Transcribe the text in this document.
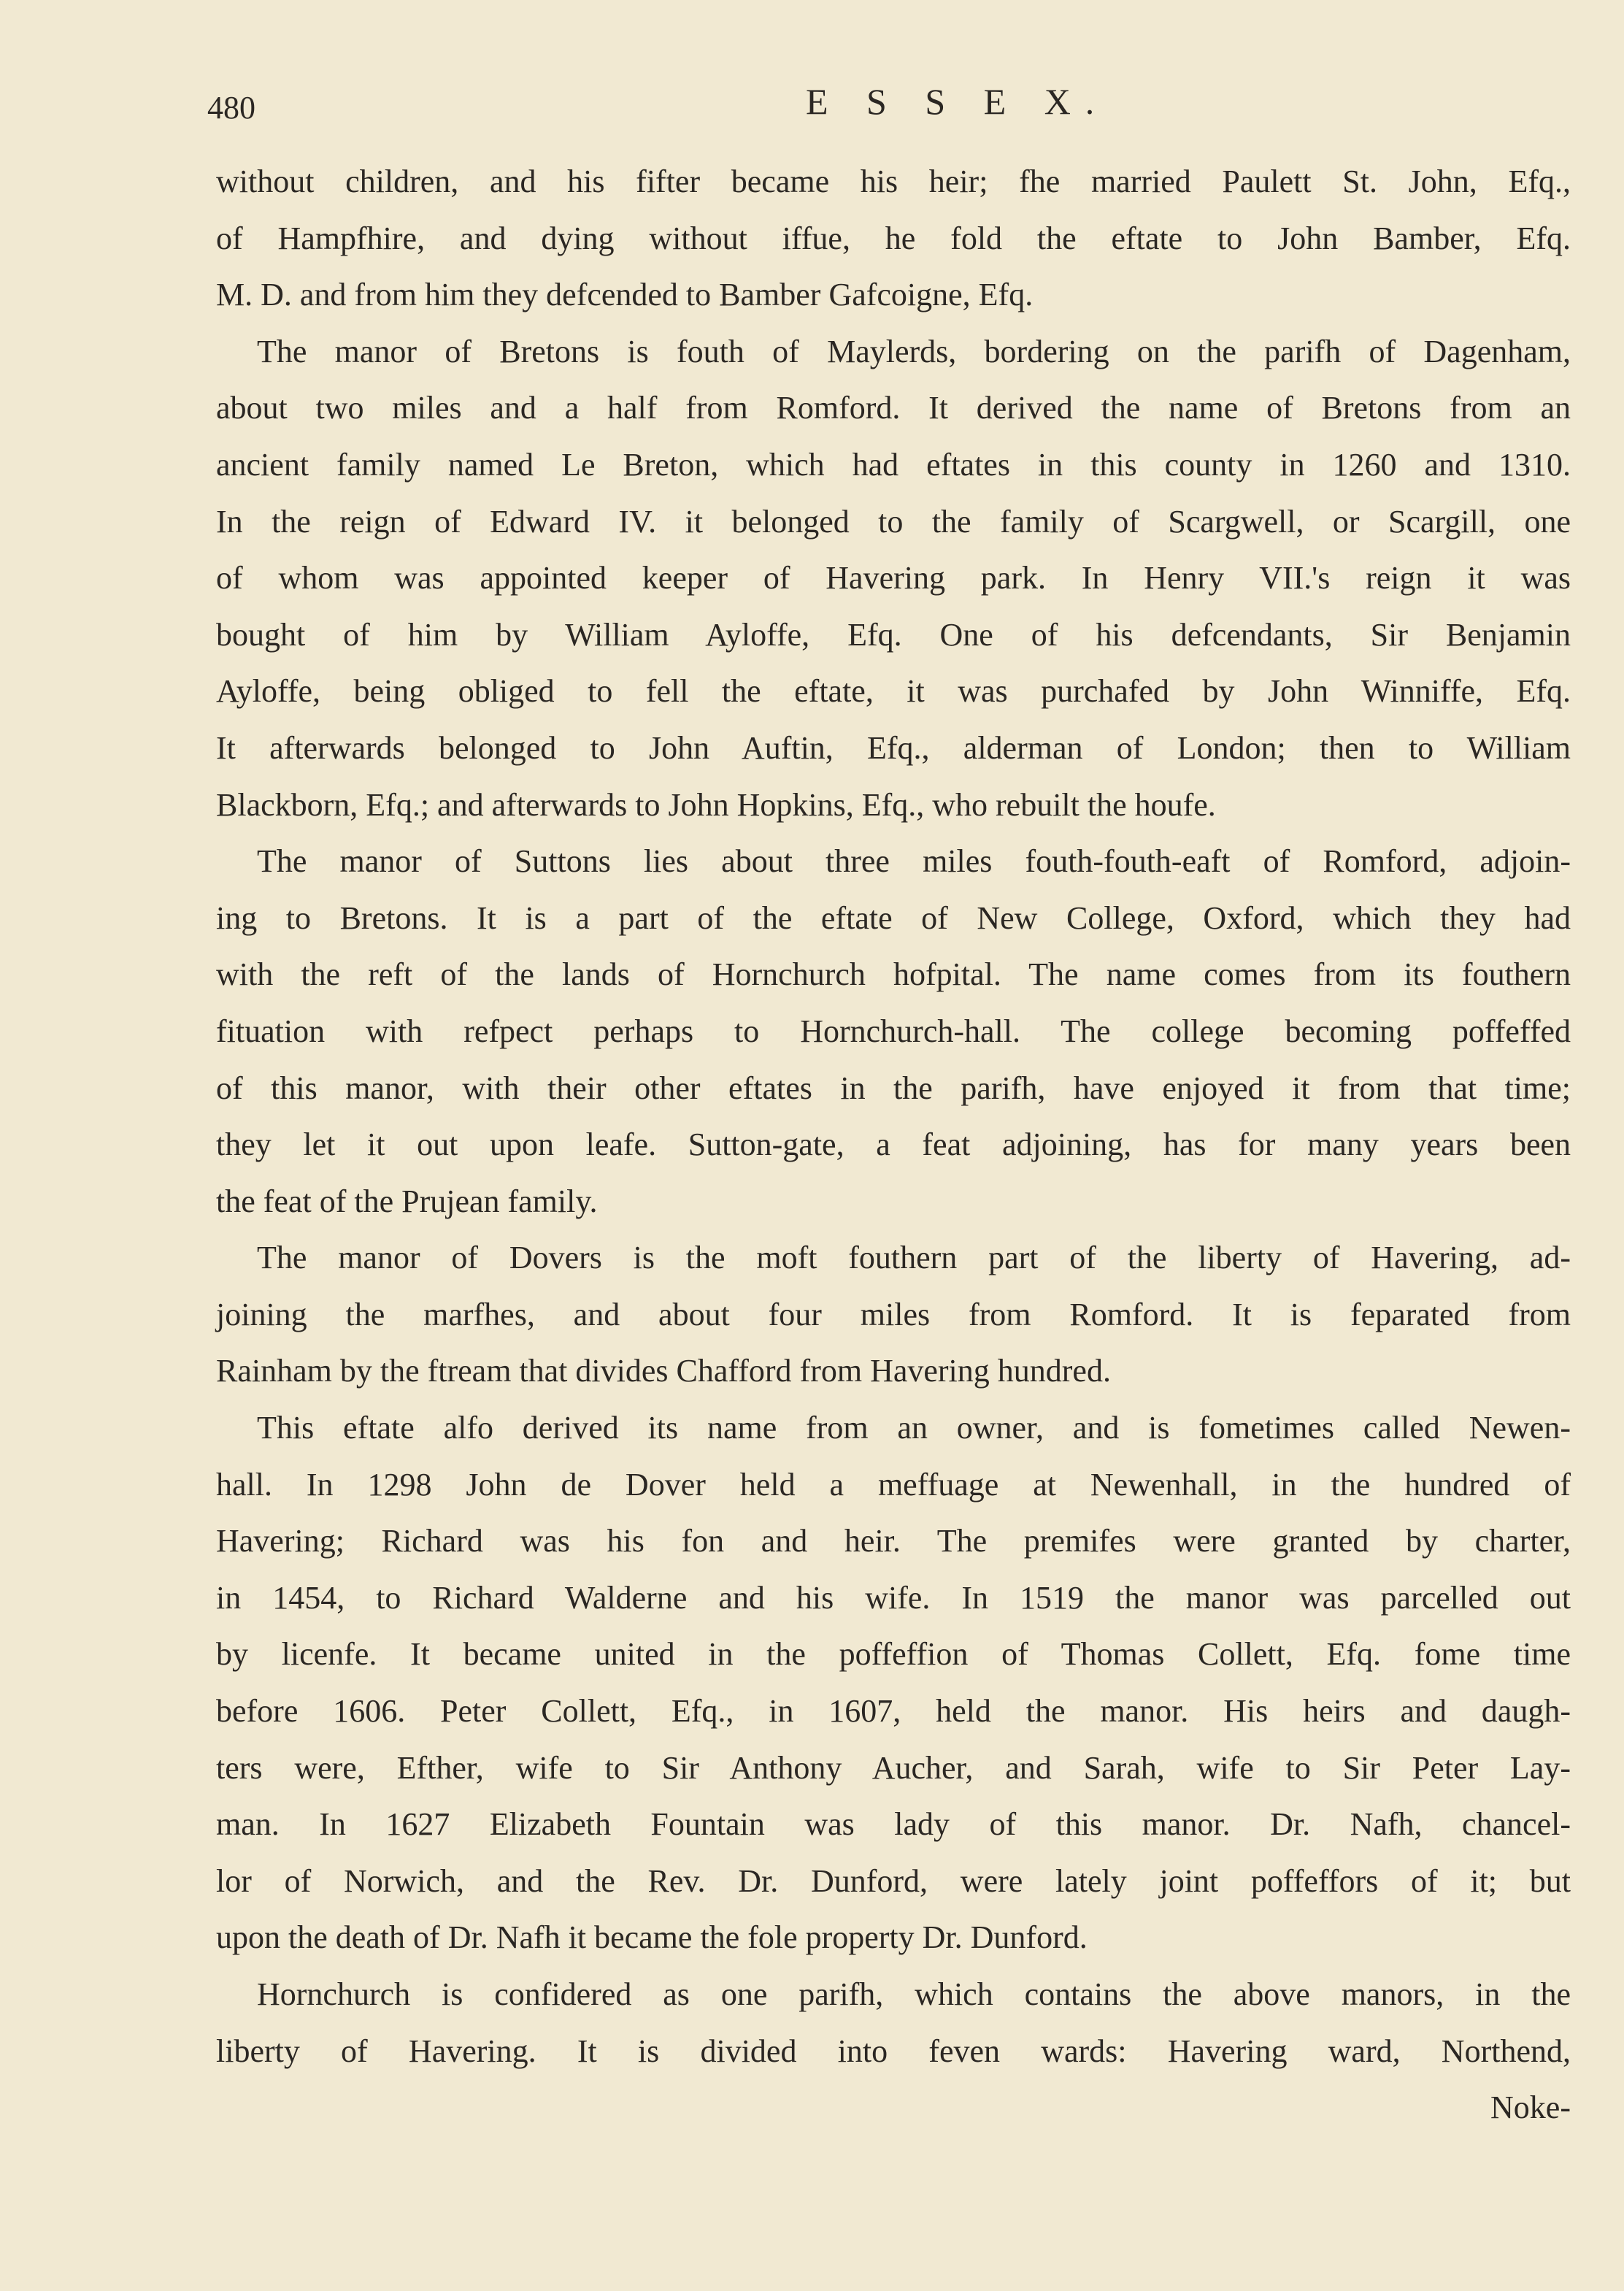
480	E S S E X.
without children, and his fifter became his heir; fhe married Paulett St. John, Efq.,
of Hampfhire, and dying without iffue, he fold the eftate to John Bamber, Efq.
M. D. and from him they defcended to Bamber Gafcoigne, Efq.
The manor of Bretons is fouth of Maylerds, bordering on the parifh of Dagenham,
about two miles and a half from Romford. It derived the name of Bretons from an
ancient family named Le Breton, which had eftates in this county in 1260 and 1310.
In the reign of Edward IV. it belonged to the family of Scargwell, or Scargill, one
of whom was appointed keeper of Havering park. In Henry VII.'s reign it was
bought of him by William Ayloffe, Efq. One of his defcendants, Sir Benjamin
Ayloffe, being obliged to fell the eftate, it was purchafed by John Winniffe, Efq.
It afterwards belonged to John Auftin, Efq., alderman of London; then to William
Blackborn, Efq.; and afterwards to John Hopkins, Efq., who rebuilt the houfe.
The manor of Suttons lies about three miles fouth-fouth-eaft of Romford, adjoin-
ing to Bretons. It is a part of the eftate of New College, Oxford, which they had
with the reft of the lands of Hornchurch hofpital. The name comes from its fouthern
fituation with refpect perhaps to Hornchurch-hall. The college becoming poffeffed
of this manor, with their other eftates in the parifh, have enjoyed it from that time;
they let it out upon leafe. Sutton-gate, a feat adjoining, has for many years been
the feat of the Prujean family.
The manor of Dovers is the moft fouthern part of the liberty of Havering, ad-
joining the marfhes, and about four miles from Romford. It is feparated from
Rainham by the ftream that divides Chafford from Havering hundred.
This eftate alfo derived its name from an owner, and is fometimes called Newen-
hall. In 1298 John de Dover held a meffuage at Newenhall, in the hundred of
Havering; Richard was his fon and heir. The premifes were granted by charter,
in 1454, to Richard Walderne and his wife. In 1519 the manor was parcelled out
by licenfe. It became united in the poffeffion of Thomas Collett, Efq. fome time
before 1606. Peter Collett, Efq., in 1607, held the manor. His heirs and daugh-
ters were, Efther, wife to Sir Anthony Aucher, and Sarah, wife to Sir Peter Lay-
man. In 1627 Elizabeth Fountain was lady of this manor. Dr. Nafh, chancel-
lor of Norwich, and the Rev. Dr. Dunford, were lately joint poffeffors of it; but
upon the death of Dr. Nafh it became the fole property Dr. Dunford.
Hornchurch is confidered as one parifh, which contains the above manors, in the
liberty of Havering. It is divided into feven wards: Havering ward, Northend,
Noke-
